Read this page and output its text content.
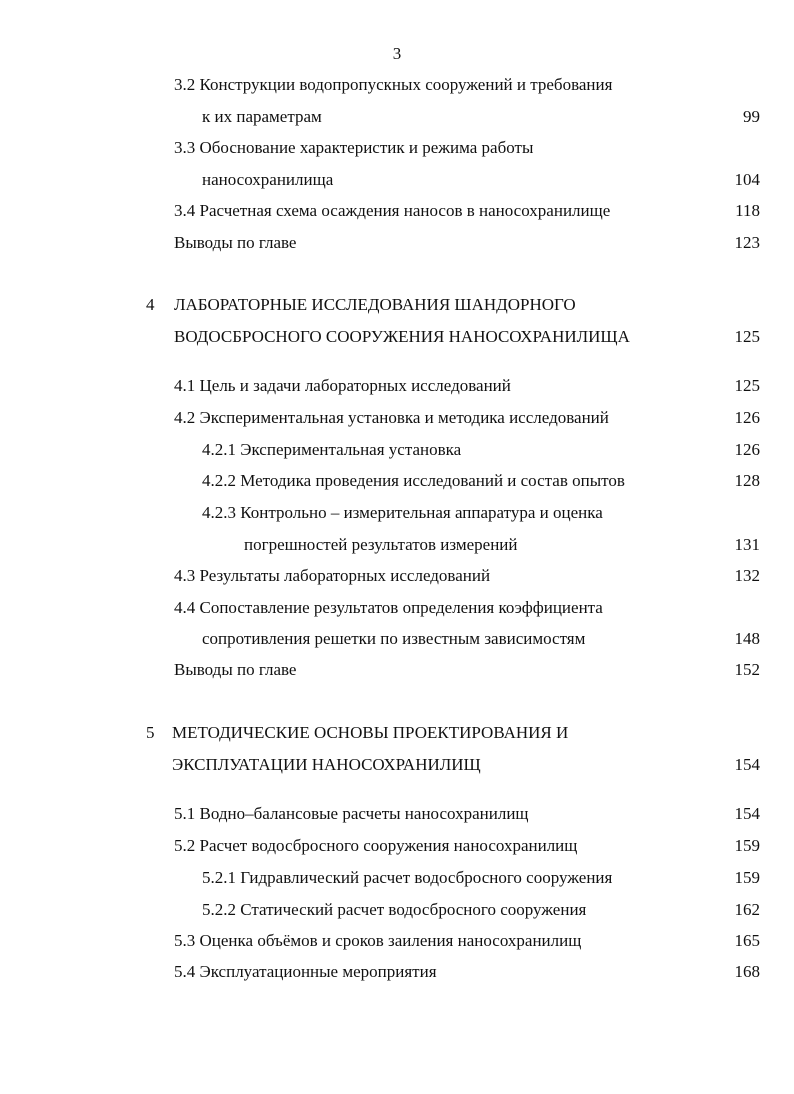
3
3.2 Конструкции водопропускных сооружений и требования
к их параметрам	99
3.3 Обоснование характеристик и режима работы
наносохранилища	104
3.4 Расчетная схема осаждения наносов в наносохранилище	118
Выводы по главе	123
4 ЛАБОРАТОРНЫЕ ИССЛЕДОВАНИЯ ШАНДОРНОГО
ВОДОСБРОСНОГО СООРУЖЕНИЯ НАНОСОХРАНИЛИЩА	125
4.1 Цель и задачи лабораторных исследований	125
4.2 Экспериментальная установка и методика исследований	126
4.2.1 Экспериментальная установка	126
4.2.2 Методика проведения исследований и состав опытов	128
4.2.3 Контрольно – измерительная аппаратура и оценка
погрешностей результатов измерений	131
4.3 Результаты лабораторных исследований	132
4.4 Сопоставление результатов определения коэффициента
сопротивления решетки по известным зависимостям	148
Выводы по главе	152
5 МЕТОДИЧЕСКИЕ ОСНОВЫ ПРОЕКТИРОВАНИЯ И
ЭКСПЛУАТАЦИИ НАНОСОХРАНИЛИЩ	154
5.1 Водно–балансовые расчеты наносохранилищ	154
5.2 Расчет водосбросного сооружения наносохранилищ	159
5.2.1 Гидравлический расчет водосбросного сооружения	159
5.2.2 Статический расчет водосбросного сооружения	162
5.3 Оценка объёмов и сроков заиления наносохранилищ	165
5.4 Эксплуатационные мероприятия	168
